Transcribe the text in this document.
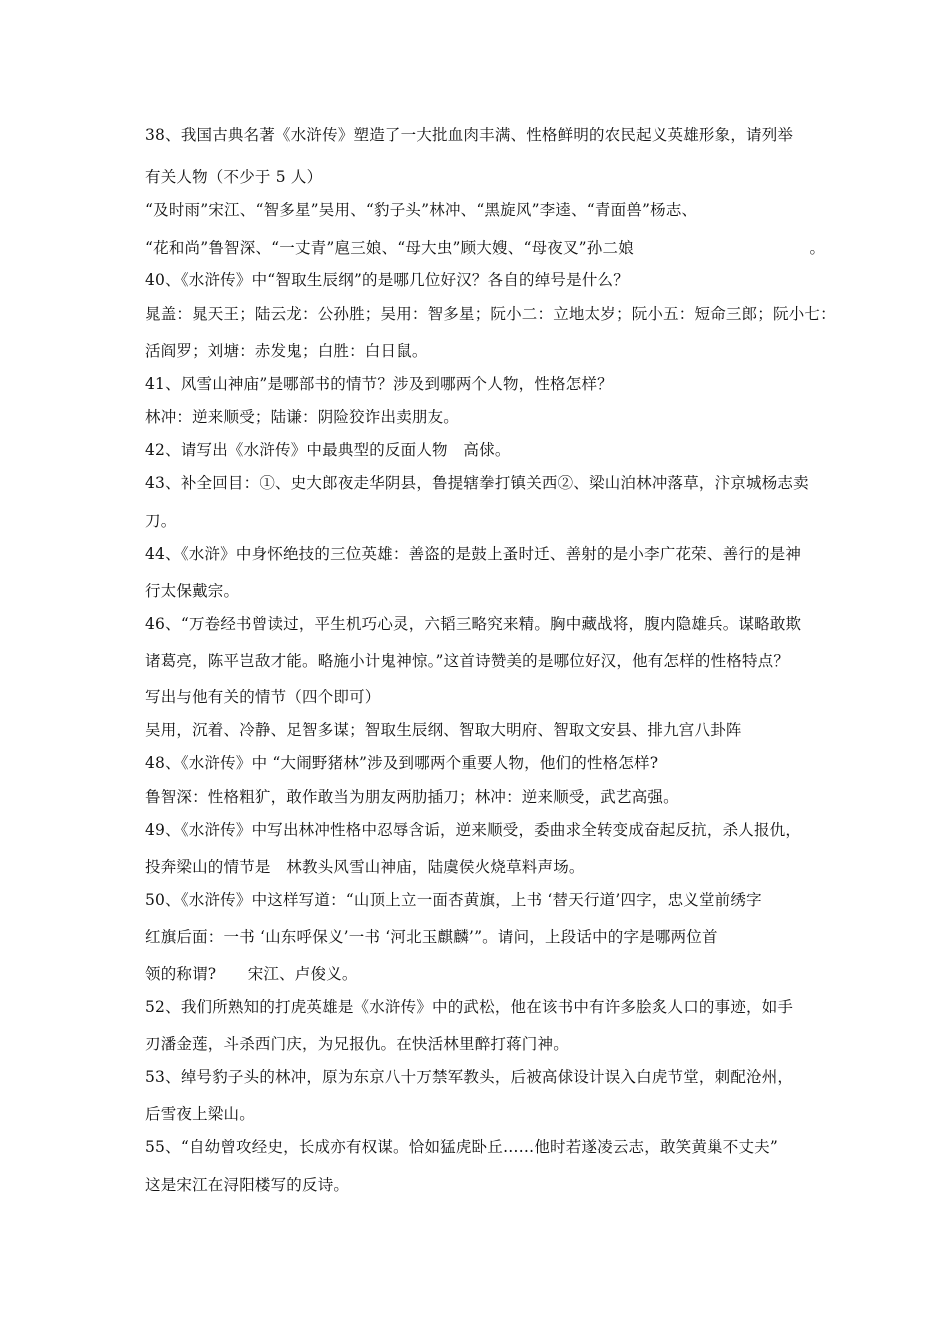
38、我国古典名著《水浒传》塑造了一大批血肉丰满、性格鲜明的农民起义英雄形象，请列举
有关人物（不少于 5 人）
“及时雨”宋江、“智多星”吴用、“豹子头”林冲、“黑旋风”李逵、“青面兽”杨志、
“花和尚”鲁智深、“一丈青”扈三娘、“母大虫”顾大嫂、“母夜叉”孙二娘	。
40、《水浒传》中“智取生辰纲”的是哪几位好汉？各自的绰号是什么？
晁盖：晁天王；陆云龙：公孙胜；吴用：智多星；阮小二：立地太岁；阮小五：短命三郎；阮小七：
活阎罗；刘塘：赤发鬼；白胜：白日鼠。
41、风雪山神庙”是哪部书的情节？涉及到哪两个人物，性格怎样？
林冲：逆来顺受；陆谦：阴险狡诈出卖朋友。
42、请写出《水浒传》中最典型的反面人物　高俅。
43、补全回目：①、史大郎夜走华阴县，鲁提辖拳打镇关西②、梁山泊林冲落草，汴京城杨志卖
刀。
44、《水浒》中身怀绝技的三位英雄：善盗的是鼓上蚤时迁、善射的是小李广花荣、善行的是神
行太保戴宗。
46、“万卷经书曾读过，平生机巧心灵，六韬三略究来精。胸中藏战将，腹内隐雄兵。谋略敢欺
诸葛亮，陈平岂敌才能。略施小计鬼神惊。”这首诗赞美的是哪位好汉，他有怎样的性格特点？
写出与他有关的情节（四个即可）
吴用，沉着、冷静、足智多谋；智取生辰纲、智取大明府、智取文安县、排九宫八卦阵
48、《水浒传》中 “大闹野猪林”涉及到哪两个重要人物，他们的性格怎样?
鲁智深：性格粗犷，敢作敢当为朋友两肋插刀；林冲：逆来顺受，武艺高强。
49、《水浒传》中写出林冲性格中忍辱含诟，逆来顺受，委曲求全转变成奋起反抗，杀人报仇，
投奔梁山的情节是　林教头风雪山神庙，陆虞侯火烧草料声场。
50、《水浒传》中这样写道：“山顶上立一面杏黄旗，上书 ‘替天行道’四字，忠义堂前绣字
红旗后面：一书 ‘山东呼保义’一书 ‘河北玉麒麟’”。请问，上段话中的字是哪两位首
领的称谓?　　宋江、卢俊义。
52、我们所熟知的打虎英雄是《水浒传》中的武松，他在该书中有许多脍炙人口的事迹，如手
刃潘金莲，斗杀西门庆，为兄报仇。在快活林里醉打蒋门神。
53、绰号豹子头的林冲，原为东京八十万禁军教头，后被高俅设计误入白虎节堂，刺配沧州，
后雪夜上梁山。
55、“自幼曾攻经史，长成亦有权谋。恰如猛虎卧丘……他时若遂凌云志，敢笑黄巢不丈夫”
这是宋江在浔阳楼写的反诗。
